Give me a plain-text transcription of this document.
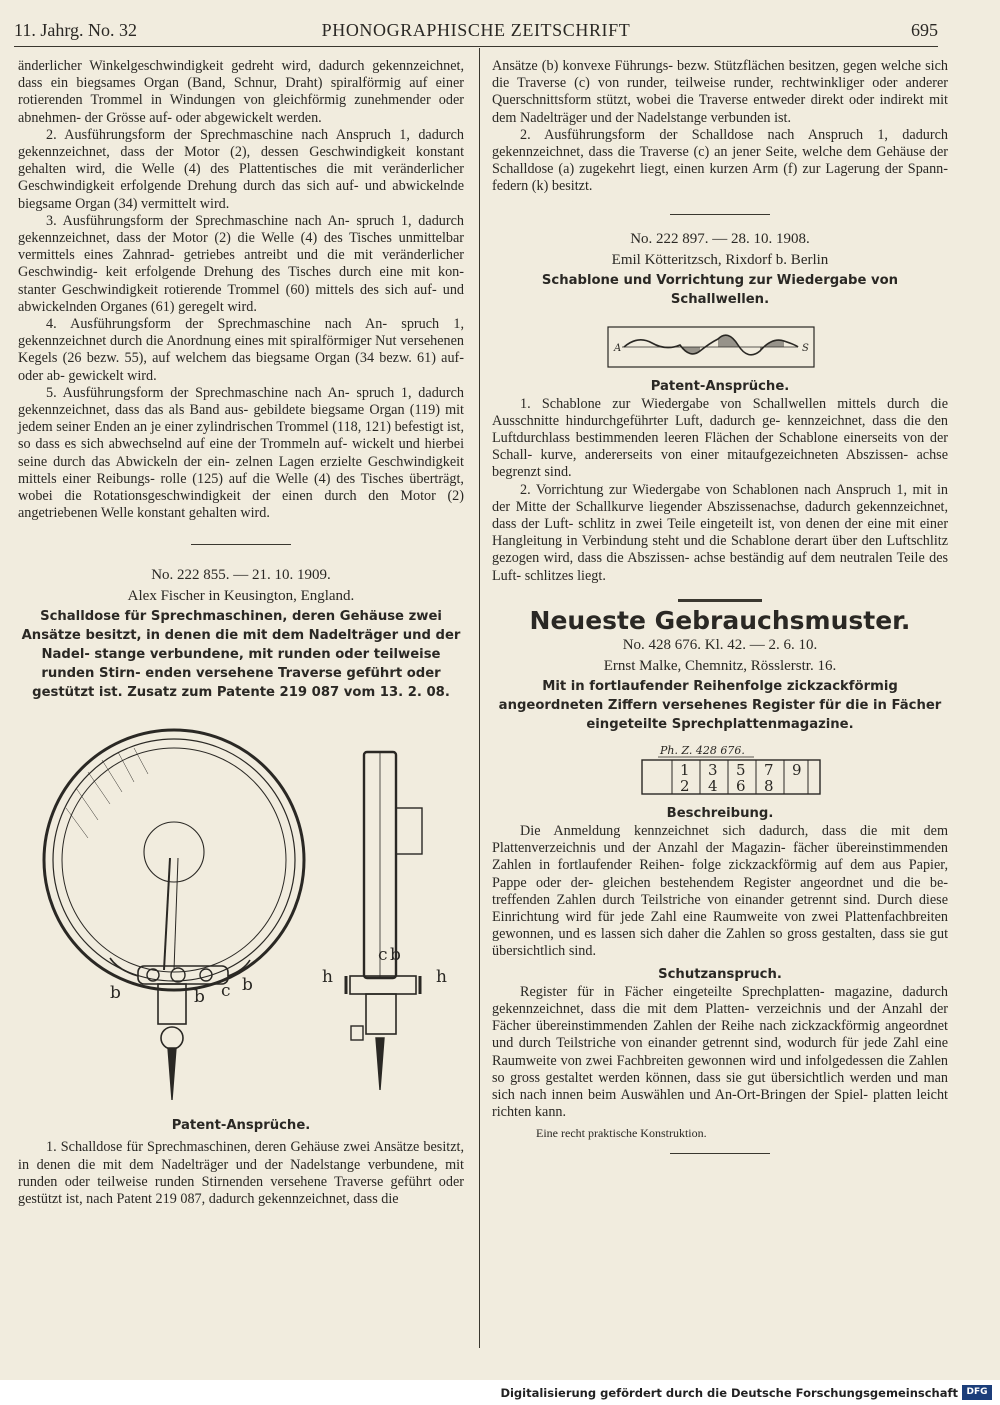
11. Jahrg. No. 32	PHONOGRAPHISCHE ZEITSCHRIFT	695
änderlicher Winkelgeschwindigkeit gedreht wird, dadurch gekennzeichnet, dass ein biegsames Organ (Band, Schnur, Draht) spiralförmig auf einer rotierenden Trommel in Windungen von gleichförmig zunehmender oder abnehmen- der Grösse auf- oder abgewickelt werden.
2. Ausführungsform der Sprechmaschine nach Anspruch 1, dadurch gekennzeichnet, dass der Motor (2), dessen Geschwindigkeit konstant gehalten wird, die Welle (4) des Plattentisches die mit veränderlicher Geschwindigkeit erfolgende Drehung durch das sich auf- und abwickelnde biegsame Organ (34) vermittelt wird.
3. Ausführungsform der Sprechmaschine nach An- spruch 1, dadurch gekennzeichnet, dass der Motor (2) die Welle (4) des Tisches unmittelbar vermittels eines Zahnrad- getriebes antreibt und die mit veränderlicher Geschwindig- keit erfolgende Drehung des Tisches durch eine mit kon- stanter Geschwindigkeit rotierende Trommel (60) mittels des sich auf- und abwickelnden Organes (61) geregelt wird.
4. Ausführungsform der Sprechmaschine nach An- spruch 1, gekennzeichnet durch die Anordnung eines mit spiralförmiger Nut versehenen Kegels (26 bezw. 55), auf welchem das biegsame Organ (34 bezw. 61) auf- oder ab- gewickelt wird.
5. Ausführungsform der Sprechmaschine nach An- spruch 1, dadurch gekennzeichnet, dass das als Band aus- gebildete biegsame Organ (119) mit jedem seiner Enden an je einer zylindrischen Trommel (118, 121) befestigt ist, so dass es sich abwechselnd auf eine der Trommeln auf- wickelt und hierbei seine durch das Abwickeln der ein- zelnen Lagen erzielte Geschwindigkeit mittels einer Reibungs- rolle (125) auf die Welle (4) des Tisches überträgt, wobei die Rotationsgeschwindigkeit der einen durch den Motor (2) angetriebenen Welle konstant gehalten wird.
No. 222 855. — 21. 10. 1909.
Alex Fischer in Keusington, England.
Schalldose für Sprechmaschinen, deren Gehäuse zwei Ansätze besitzt, in denen die mit dem Nadelträger und der Nadel- stange verbundene, mit runden oder teilweise runden Stirn- enden versehene Traverse geführt oder gestützt ist. Zusatz zum Patente 219 087 vom 13. 2. 08.
b	b c b	h
c b
h
Patent-Ansprüche.
1. Schalldose für Sprechmaschinen, deren Gehäuse zwei Ansätze besitzt, in denen die mit dem Nadelträger und der Nadelstange verbundene, mit runden oder teilweise runden Stirnenden versehene Traverse geführt oder gestützt ist, nach Patent 219 087, dadurch gekennzeichnet, dass die
Ansätze (b) konvexe Führungs- bezw. Stützflächen besitzen, gegen welche sich die Traverse (c) von runder, teilweise runder, rechtwinkliger oder anderer Querschnittsform stützt, wobei die Traverse entweder direkt oder indirekt mit dem Nadelträger und der Nadelstange verbunden ist.
2. Ausführungsform der Schalldose nach Anspruch 1, dadurch gekennzeichnet, dass die Traverse (c) an jener Seite, welche dem Gehäuse der Schalldose (a) zugekehrt liegt, einen kurzen Arm (f) zur Lagerung der Spann- federn (k) besitzt.
No. 222 897. — 28. 10. 1908.
Emil Kötteritzsch, Rixdorf b. Berlin
Schablone und Vorrichtung zur Wiedergabe von Schallwellen.
A	S
Patent-Ansprüche.
1. Schablone zur Wiedergabe von Schallwellen mittels durch die Ausschnitte hindurchgeführter Luft, dadurch ge- kennzeichnet, dass die den Luftdurchlass bestimmenden leeren Flächen der Schablone einerseits von der Schall- kurve, andererseits von einer mitaufgezeichneten Abszissen- achse begrenzt sind.
2. Vorrichtung zur Wiedergabe von Schablonen nach Anspruch 1, mit in der Mitte der Schallkurve liegender Abszissenachse, dadurch gekennzeichnet, dass der Luft- schlitz in zwei Teile eingeteilt ist, von denen der eine mit einer Hangleitung in Verbindung steht und die Schablone derart über den Luftschlitz gezogen wird, dass die Abszissen- achse beständig auf dem neutralen Teile des Luft- schlitzes liegt.
Neueste Gebrauchsmuster.
No. 428 676. Kl. 42. — 2. 6. 10.
Ernst Malke, Chemnitz, Rösslerstr. 16.
Mit in fortlaufender Reihenfolge zickzackförmig angeordneten Ziffern versehenes Register für die in Fächer eingeteilte Sprechplattenmagazine.
Ph. Z. 428 676.
1 3 5 7 9
2 4 6 8
Beschreibung.
Die Anmeldung kennzeichnet sich dadurch, dass die mit dem Plattenverzeichnis und der Anzahl der Magazin- fächer übereinstimmenden Zahlen in fortlaufender Reihen- folge zickzackförmig auf dem aus Papier, Pappe oder der- gleichen bestehendem Register angeordnet und die be- treffenden Zahlen durch Teilstriche von einander getrennt sind. Durch diese Einrichtung wird für jede Zahl eine Raumweite von zwei Plattenfachbreiten gewonnen, und es lassen sich daher die Zahlen so gross gestalten, dass sie gut übersichtlich sind.
Schutzanspruch.
Register für in Fächer eingeteilte Sprechplatten- magazine, dadurch gekennzeichnet, dass die mit dem Platten- verzeichnis und der Anzahl der Fächer übereinstimmenden Zahlen der Reihe nach zickzackförmig angeordnet und durch Teilstriche von einander getrennt sind, wodurch für jede Zahl eine Raumweite von zwei Fachbreiten gewonnen wird und infolgedessen die Zahlen so gross gestaltet werden können, dass sie gut übersichtlich werden und man sich nach innen beim Auswählen und An-Ort-Bringen der Spiel- platten leicht richten kann.
Eine recht praktische Konstruktion.
Digitalisierung gefördert durch die Deutsche Forschungsgemeinschaft DFG
